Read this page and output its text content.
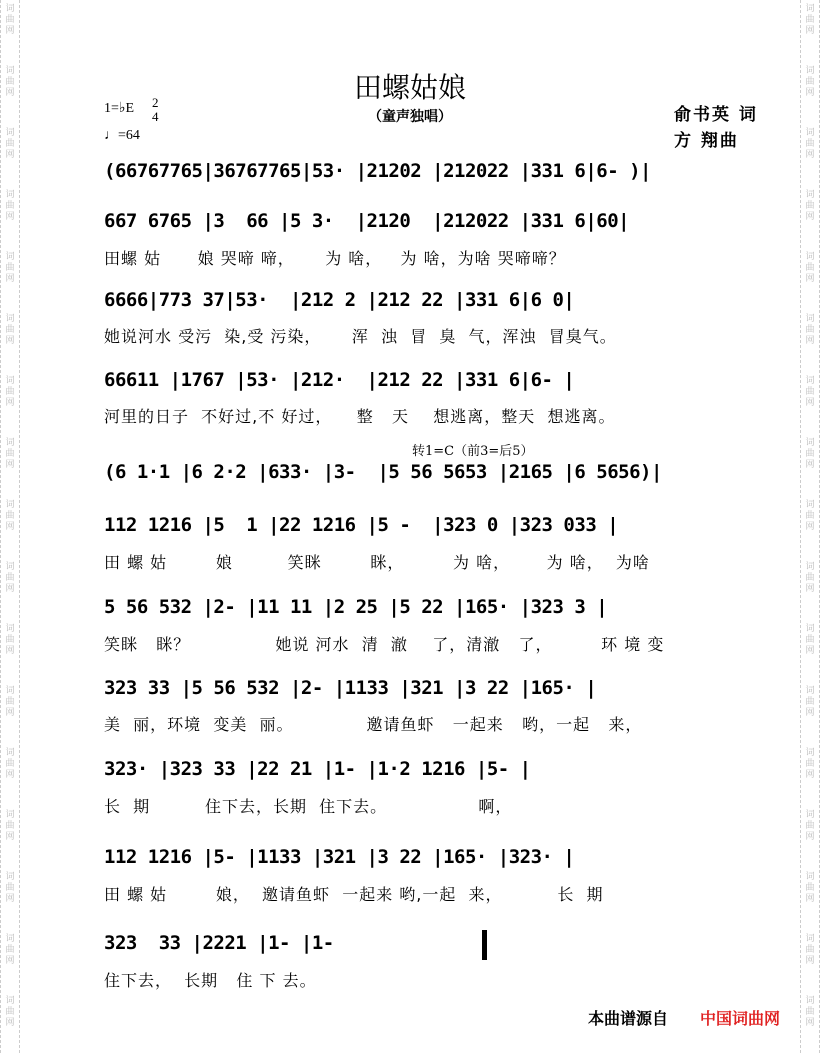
田螺姑娘
（童声独唱）
1=♭E 2
4
♩=64
俞书英 词
方 翔曲
转1=C（前3=后5）
(66767765|36767765|53· |21202 |212022 |331 6|6- )|
667 6765 |3  66 |5 3·  |2120  |212022 |331 6|60|
田螺 姑      娘 哭啼 啼，     为 啥，   为 啥，为啥 哭啼啼？
6666|773 37|53·  |212 2 |212 22 |331 6|6 0|
她说河水 受污  染,受 污染，     浑  浊  冒  臭  气，浑浊  冒臭气。
66611 |1767 |53· |212·  |212 22 |331 6|6- |
河里的日子  不好过,不 好过，    整   天    想逃离，整天  想逃离。
(6 1·1 |6 2·2 |633· |3-  |5 56 5653 |2165 |6 5656)|
112 1216 |5  1 |22 1216 |5 -  |323 0 |323 033 |
田 螺 姑        娘         笑眯        眯，        为 啥，      为 啥，  为啥
5 56 532 |2- |11 11 |2 25 |5 22 |165· |323 3 |
笑眯   眯？              她说 河水  清  澈    了，清澈   了，        环 境 变
323 33 |5 56 532 |2- |1133 |321 |3 22 |165· |
美  丽，环境  变美  丽。            邀请鱼虾   一起来   哟，一起   来，
323· |323 33 |22 21 |1- |1·2 1216 |5- |
长  期         住下去，长期  住下去。               啊，
112 1216 |5- |1133 |321 |3 22 |165· |323· |
田 螺 姑        娘，  邀请鱼虾  一起来 哟,一起  来，         长  期
323  33 |2221 |1- |1-
住下去，  长期   住 下 去。
本曲谱源自 中国词曲网
词
曲
网
词
曲
网
词
曲
网
词
曲
网
词
曲
网
词
曲
网
词
曲
网
词
曲
网
词
曲
网
词
曲
网
词
曲
网
词
曲
网
词
曲
网
词
曲
网
词
曲
网
词
曲
网
词
曲
网
词
曲
网
词
曲
网
词
曲
网
词
曲
网
词
曲
网
词
曲
网
词
曲
网
词
曲
网
词
曲
网
词
曲
网
词
曲
网
词
曲
网
词
曲
网
词
曲
网
词
曲
网
词
曲
网
词
曲
网
